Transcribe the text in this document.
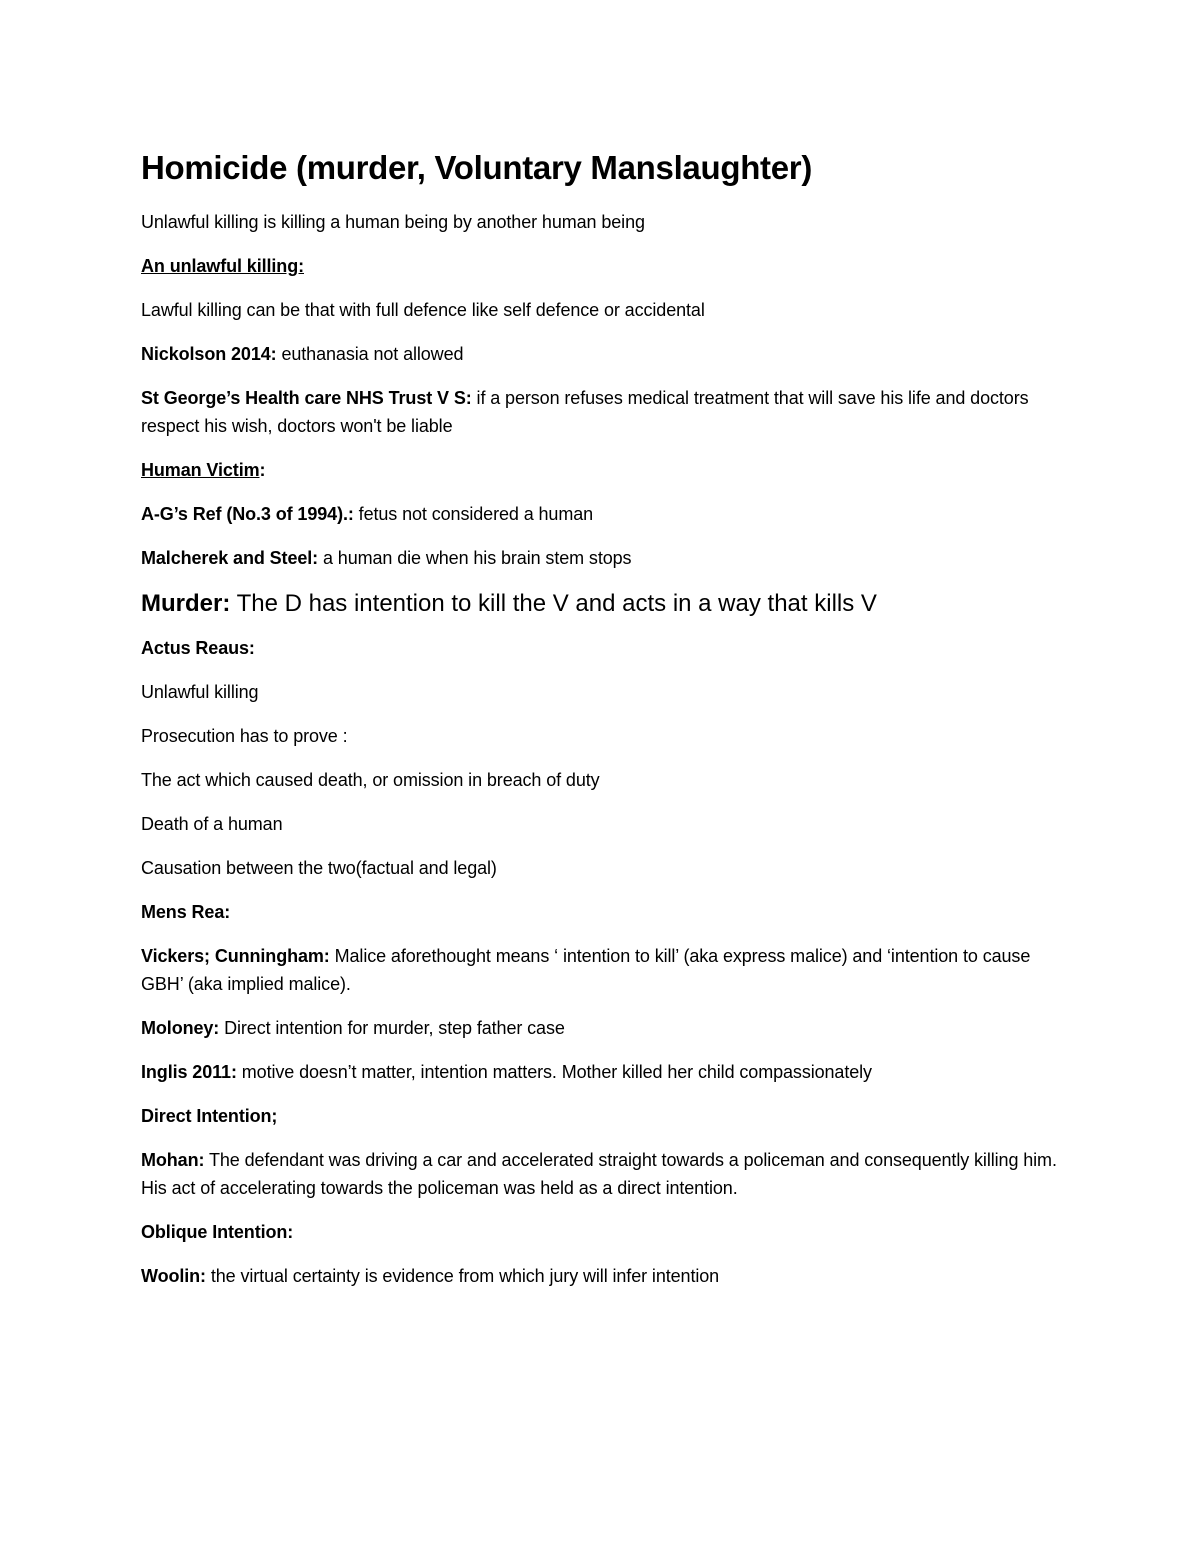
Homicide (murder, Voluntary Manslaughter)
Unlawful killing is killing a human being by another human being
An unlawful killing:
Lawful killing can be that with full defence like self defence or accidental
Nickolson 2014: euthanasia not allowed
St George’s Health care NHS Trust V S: if a person refuses medical treatment that will save his life and doctors respect his wish, doctors won't be liable
Human Victim:
A-G’s Ref (No.3 of 1994).: fetus not considered a human
Malcherek and Steel: a human die when his brain stem stops
Murder: The D has intention to kill the V and acts in a way that kills V
Actus Reaus:
Unlawful killing
Prosecution has to prove :
The act which caused death, or omission in breach of duty
Death of a human
Causation between the two(factual and legal)
Mens Rea:
Vickers; Cunningham: Malice aforethought means ‘ intention to kill’ (aka express malice) and ‘intention to cause GBH’ (aka implied malice).
Moloney: Direct intention for murder, step father case
Inglis 2011: motive doesn’t matter, intention matters. Mother killed her child compassionately
Direct Intention;
Mohan: The defendant was driving a car and accelerated straight towards a policeman and consequently killing him. His act of accelerating towards the policeman was held as a direct intention.
Oblique Intention:
Woolin: the virtual certainty is evidence from which jury will infer intention
